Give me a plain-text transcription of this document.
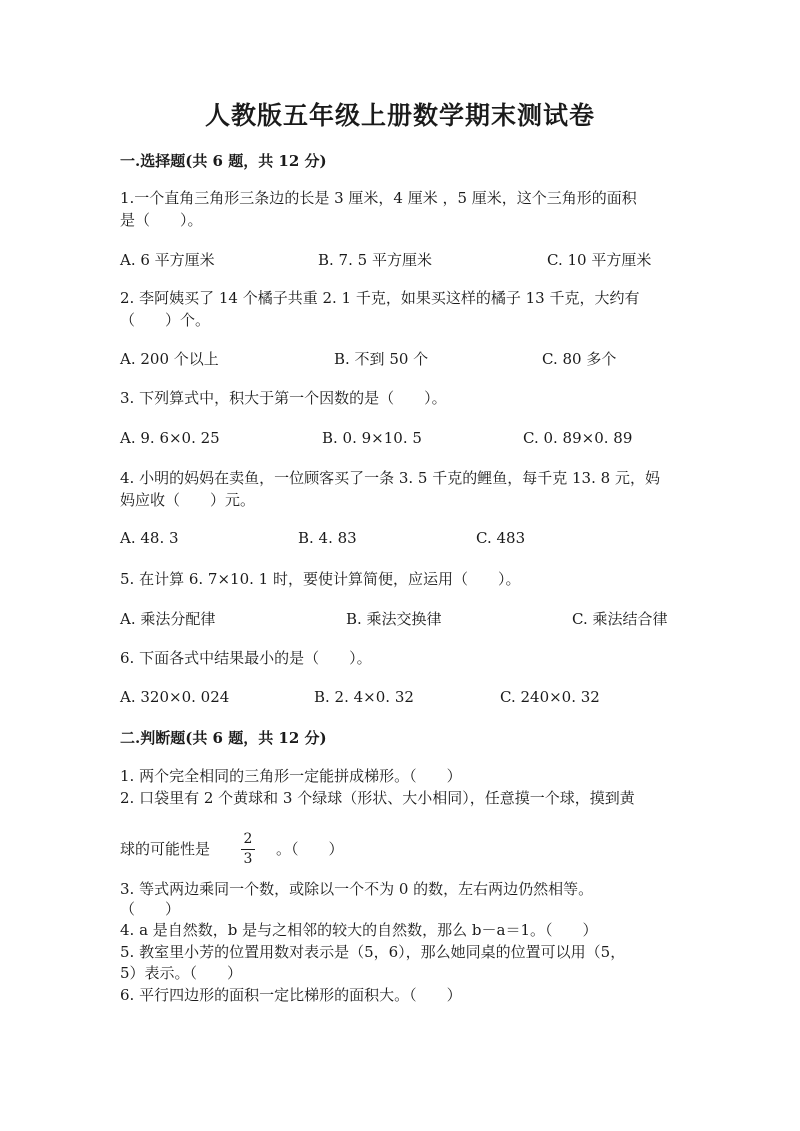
人教版五年级上册数学期末测试卷
一.选择题(共 6 题，共 12 分)
1.一个直角三角形三条边的长是 3 厘米，4 厘米 ，5 厘米，这个三角形的面积
是（　　）。
A. 6 平方厘米	B. 7. 5 平方厘米	C. 10 平方厘米
2. 李阿姨买了 14 个橘子共重 2. 1 千克，如果买这样的橘子 13 千克，大约有
（　　）个。
A. 200 个以上	B. 不到 50 个	C. 80 多个
3. 下列算式中，积大于第一个因数的是（　　）。
A. 9. 6×0. 25	B. 0. 9×10. 5	C. 0. 89×0. 89
4. 小明的妈妈在卖鱼，一位顾客买了一条 3. 5 千克的鲤鱼，每千克 13. 8 元，妈
妈应收（　　）元。
A. 48. 3	B. 4. 83	C. 483
5. 在计算 6. 7×10. 1 时，要使计算简便，应运用（　　）。
A. 乘法分配律	B. 乘法交换律	C. 乘法结合律
6. 下面各式中结果最小的是（　　）。
A. 320×0. 024	B. 2. 4×0. 32	C. 240×0. 32
二.判断题(共 6 题，共 12 分)
1. 两个完全相同的三角形一定能拼成梯形。（　　）
2. 口袋里有 2 个黄球和 3 个绿球（形状、大小相同），任意摸一个球，摸到黄
球的可能性是
2
3
。（　　）
3. 等式两边乘同一个数，或除以一个不为 0 的数，左右两边仍然相等。
（　　）
4. a 是自然数，b 是与之相邻的较大的自然数，那么 b－a＝1。（　　）
5. 教室里小芳的位置用数对表示是（5，6），那么她同桌的位置可以用（5，
5）表示。（　　）
6. 平行四边形的面积一定比梯形的面积大。（　　）
